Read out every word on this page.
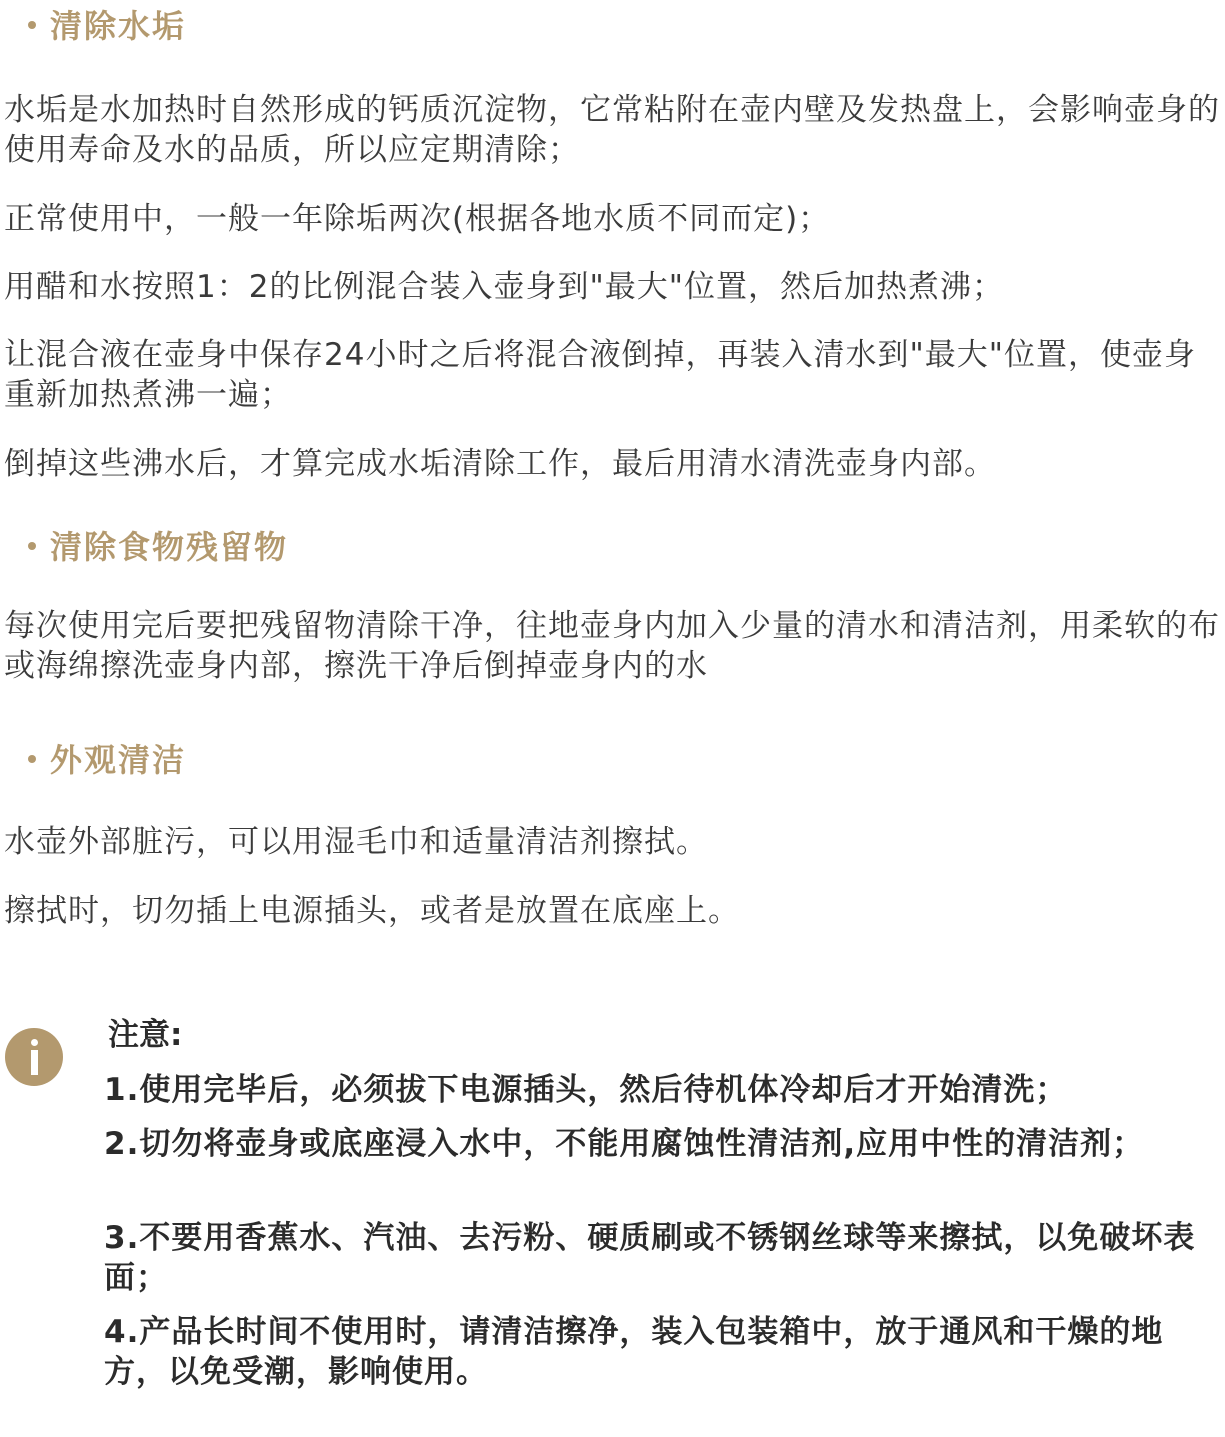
清除水垢
水垢是水加热时自然形成的钙质沉淀物，它常粘附在壶内壁及发热盘上，会影响壶身的使用寿命及水的品质，所以应定期清除；
正常使用中，一般一年除垢两次(根据各地水质不同而定)；
用醋和水按照1：2的比例混合装入壶身到"最大"位置，然后加热煮沸；
让混合液在壶身中保存24小时之后将混合液倒掉，再装入清水到"最大"位置，使壶身重新加热煮沸一遍；
倒掉这些沸水后，才算完成水垢清除工作，最后用清水清洗壶身内部。
清除食物残留物
每次使用完后要把残留物清除干净，往地壶身内加入少量的清水和清洁剂，用柔软的布或海绵擦洗壶身内部，擦洗干净后倒掉壶身内的水
外观清洁
水壶外部脏污，可以用湿毛巾和适量清洁剂擦拭。
擦拭时，切勿插上电源插头，或者是放置在底座上。
注意:
1.使用完毕后，必须拔下电源插头，然后待机体冷却后才开始清洗；
2.切勿将壶身或底座浸入水中，不能用腐蚀性清洁剂,应用中性的清洁剂；
3.不要用香蕉水、汽油、去污粉、硬质刷或不锈钢丝球等来擦拭，以免破坏表面；
4.产品长时间不使用时，请清洁擦净，装入包装箱中，放于通风和干燥的地方，以免受潮，影响使用。
